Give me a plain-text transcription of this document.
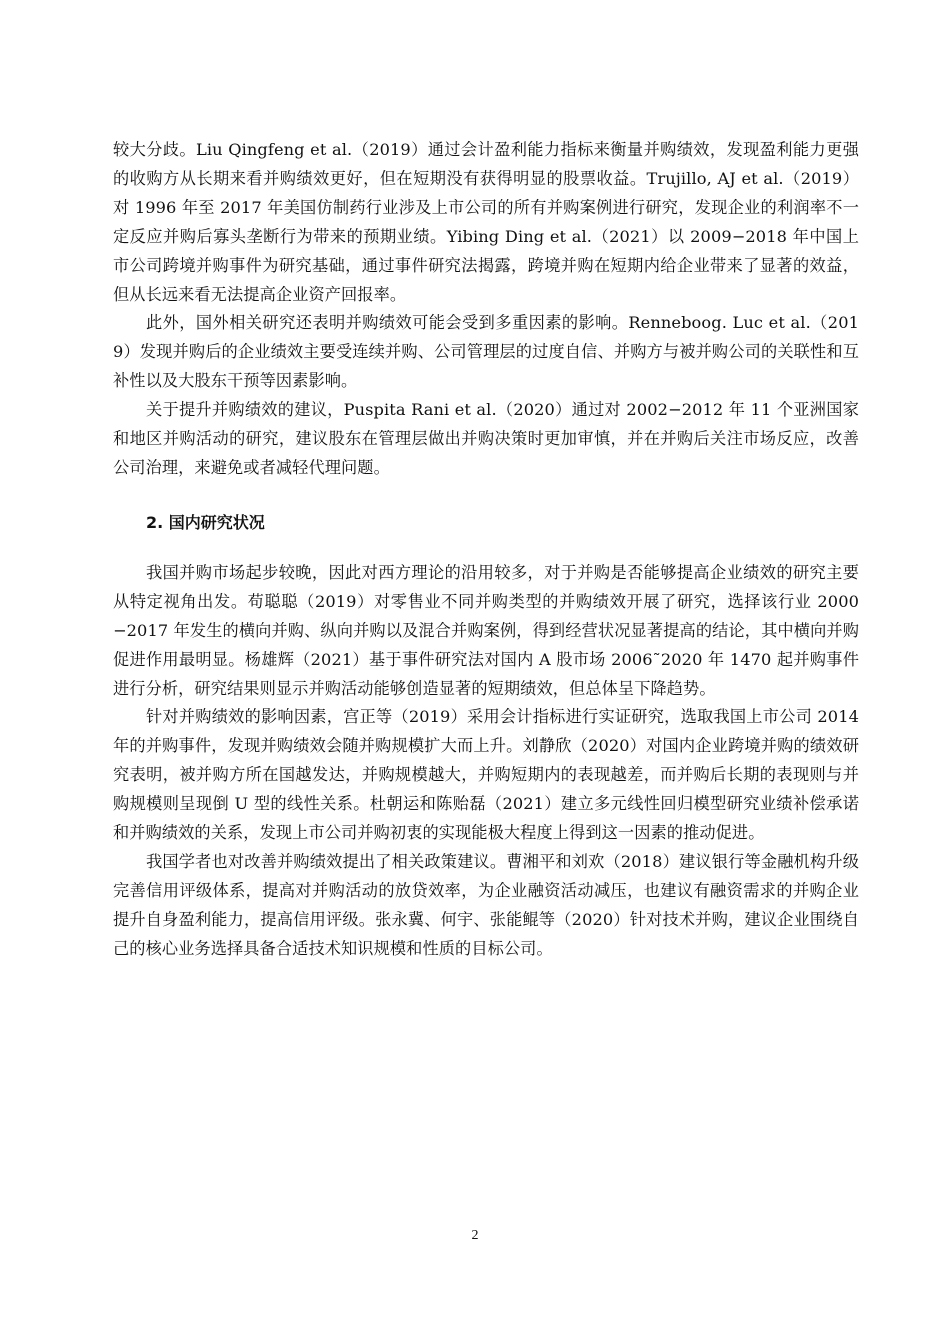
较大分歧。Liu Qingfeng et al.（2019）通过会计盈利能力指标来衡量并购绩效，发现盈利能力更强的收购方从长期来看并购绩效更好，但在短期没有获得明显的股票收益。Trujillo, AJ et al.（2019）对 1996 年至 2017 年美国仿制药行业涉及上市公司的所有并购案例进行研究，发现企业的利润率不一定反应并购后寡头垄断行为带来的预期业绩。Yibing Ding et al.（2021）以 2009−2018 年中国上市公司跨境并购事件为研究基础，通过事件研究法揭露，跨境并购在短期内给企业带来了显著的效益，但从长远来看无法提高企业资产回报率。

此外，国外相关研究还表明并购绩效可能会受到多重因素的影响。Renneboog. Luc et al.（2019）发现并购后的企业绩效主要受连续并购、公司管理层的过度自信、并购方与被并购公司的关联性和互补性以及大股东干预等因素影响。

关于提升并购绩效的建议，Puspita Rani et al.（2020）通过对 2002−2012 年 11 个亚洲国家和地区并购活动的研究，建议股东在管理层做出并购决策时更加审慎，并在并购后关注市场反应，改善公司治理，来避免或者减轻代理问题。

2. 国内研究状况

我国并购市场起步较晚，因此对西方理论的沿用较多，对于并购是否能够提高企业绩效的研究主要从特定视角出发。苟聪聪（2019）对零售业不同并购类型的并购绩效开展了研究，选择该行业 2000−2017 年发生的横向并购、纵向并购以及混合并购案例，得到经营状况显著提高的结论，其中横向并购促进作用最明显。杨雄辉（2021）基于事件研究法对国内 A 股市场 2006˜2020 年 1470 起并购事件进行分析，研究结果则显示并购活动能够创造显著的短期绩效，但总体呈下降趋势。

针对并购绩效的影响因素，宫正等（2019）采用会计指标进行实证研究，选取我国上市公司 2014 年的并购事件，发现并购绩效会随并购规模扩大而上升。刘静欣（2020）对国内企业跨境并购的绩效研究表明，被并购方所在国越发达，并购规模越大，并购短期内的表现越差，而并购后长期的表现则与并购规模则呈现倒 U 型的线性关系。杜朝运和陈贻磊（2021）建立多元线性回归模型研究业绩补偿承诺和并购绩效的关系，发现上市公司并购初衷的实现能极大程度上得到这一因素的推动促进。

我国学者也对改善并购绩效提出了相关政策建议。曹湘平和刘欢（2018）建议银行等金融机构升级完善信用评级体系，提高对并购活动的放贷效率，为企业融资活动减压，也建议有融资需求的并购企业提升自身盈利能力，提高信用评级。张永冀、何宇、张能鲲等（2020）针对技术并购，建议企业围绕自己的核心业务选择具备合适技术知识规模和性质的目标公司。

2
